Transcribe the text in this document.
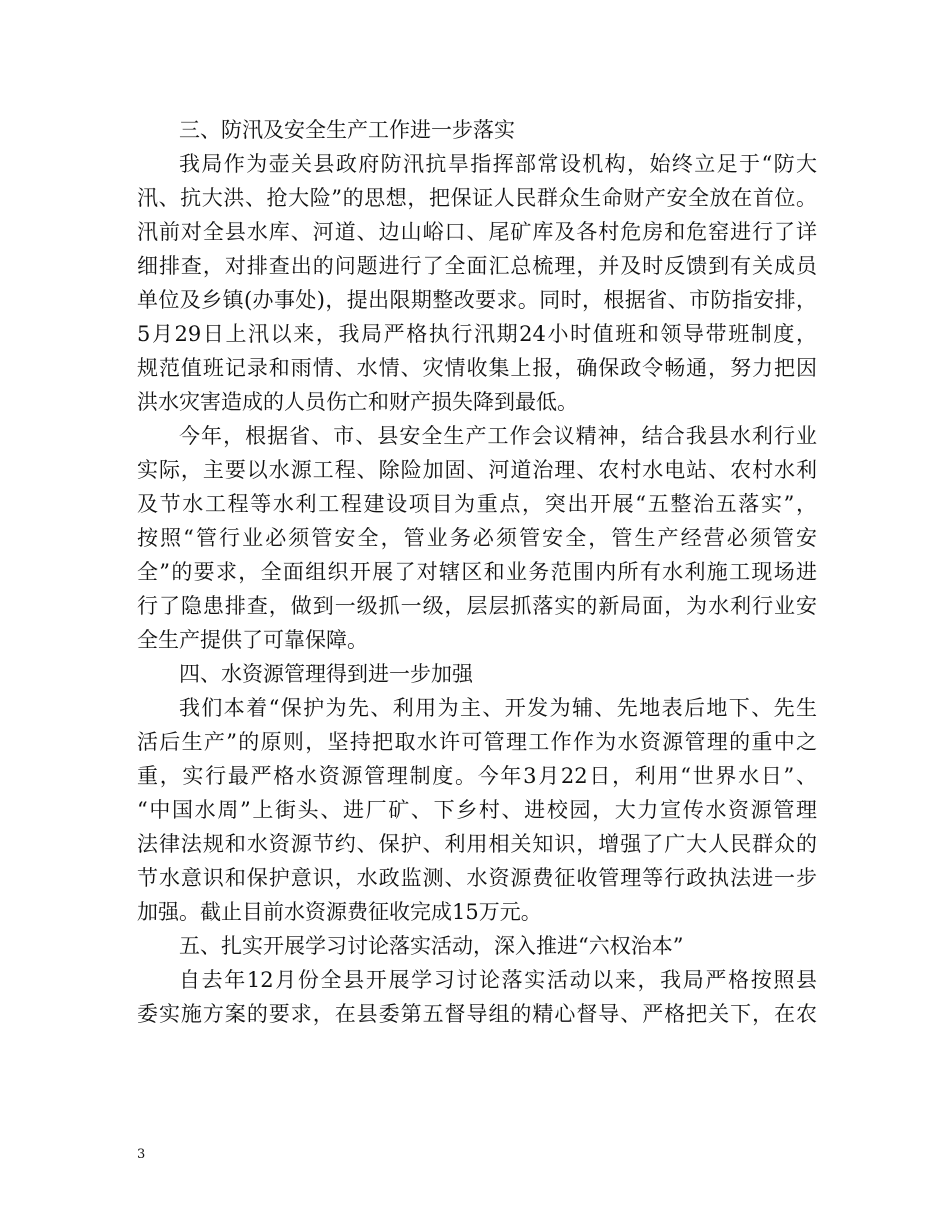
三、防汛及安全生产工作进一步落实
我局作为壶关县政府防汛抗旱指挥部常设机构，始终立足于“防大
汛、抗大洪、抢大险”的思想，把保证人民群众生命财产安全放在首位。
汛前对全县水库、河道、边山峪口、尾矿库及各村危房和危窑进行了详
细排查，对排查出的问题进行了全面汇总梳理，并及时反馈到有关成员
单位及乡镇(办事处)，提出限期整改要求。同时，根据省、市防指安排，
5月29日上汛以来，我局严格执行汛期24小时值班和领导带班制度，
规范值班记录和雨情、水情、灾情收集上报，确保政令畅通，努力把因
洪水灾害造成的人员伤亡和财产损失降到最低。
今年，根据省、市、县安全生产工作会议精神，结合我县水利行业
实际，主要以水源工程、除险加固、河道治理、农村水电站、农村水利
及节水工程等水利工程建设项目为重点，突出开展“五整治五落实”，
按照“管行业必须管安全，管业务必须管安全，管生产经营必须管安
全”的要求，全面组织开展了对辖区和业务范围内所有水利施工现场进
行了隐患排查，做到一级抓一级，层层抓落实的新局面，为水利行业安
全生产提供了可靠保障。
四、水资源管理得到进一步加强
我们本着“保护为先、利用为主、开发为辅、先地表后地下、先生
活后生产”的原则，坚持把取水许可管理工作作为水资源管理的重中之
重，实行最严格水资源管理制度。今年3月22日，利用“世界水日”、
“中国水周”上街头、进厂矿、下乡村、进校园，大力宣传水资源管理
法律法规和水资源节约、保护、利用相关知识，增强了广大人民群众的
节水意识和保护意识，水政监测、水资源费征收管理等行政执法进一步
加强。截止目前水资源费征收完成15万元。
五、扎实开展学习讨论落实活动，深入推进“六权治本”
自去年12月份全县开展学习讨论落实活动以来，我局严格按照县
委实施方案的要求，在县委第五督导组的精心督导、严格把关下，在农
3
